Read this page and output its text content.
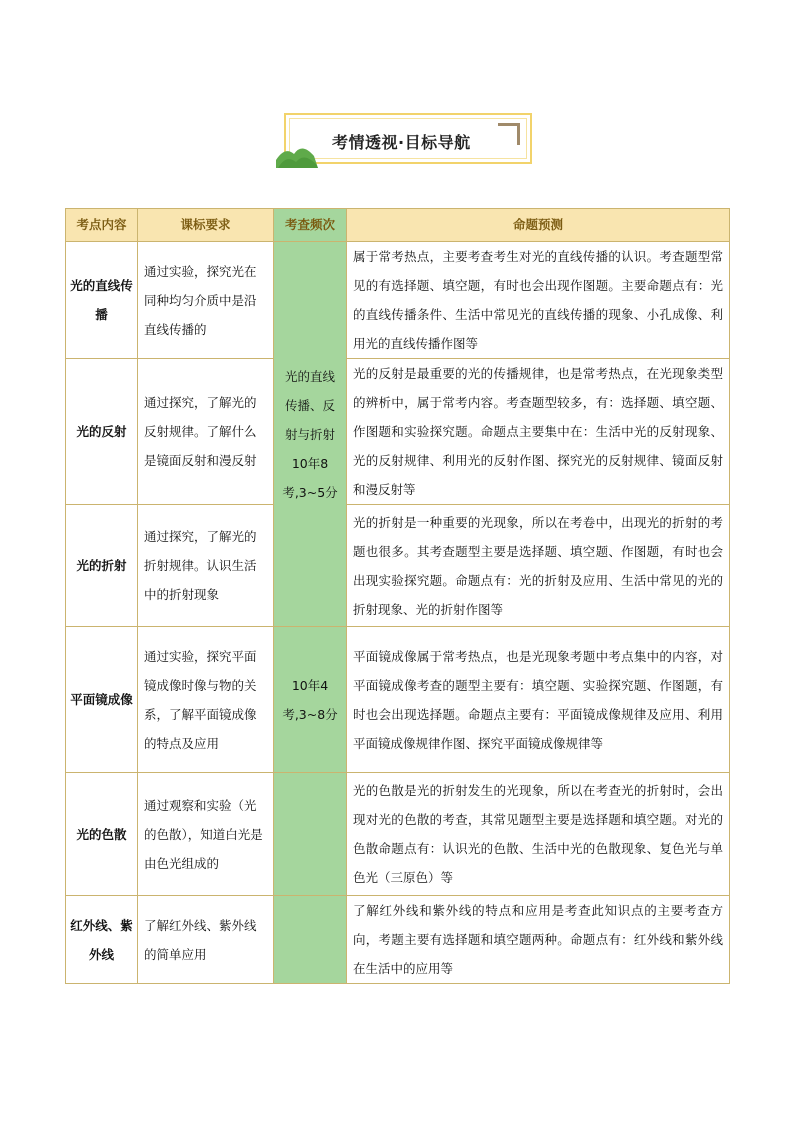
考情透视·目标导航
考点内容	课标要求	考查频次	命题预测
光的直线传播	通过实验，探究光在同种均匀介质中是沿直线传播的	光的直线传播、反射与折射10年8考,3~5分	属于常考热点，主要考查考生对光的直线传播的认识。考查题型常见的有选择题、填空题，有时也会出现作图题。主要命题点有：光的直线传播条件、生活中常见光的直线传播的现象、小孔成像、利用光的直线传播作图等
光的反射	通过探究，了解光的反射规律。了解什么是镜面反射和漫反射		光的反射是最重要的光的传播规律，也是常考热点，在光现象类型的辨析中，属于常考内容。考查题型较多，有：选择题、填空题、作图题和实验探究题。命题点主要集中在：生活中光的反射现象、光的反射规律、利用光的反射作图、探究光的反射规律、镜面反射和漫反射等
光的折射	通过探究，了解光的折射规律。认识生活中的折射现象		光的折射是一种重要的光现象，所以在考卷中，出现光的折射的考题也很多。其考查题型主要是选择题、填空题、作图题，有时也会出现实验探究题。命题点有：光的折射及应用、生活中常见的光的折射现象、光的折射作图等
平面镜成像	通过实验，探究平面镜成像时像与物的关系，了解平面镜成像的特点及应用	10年4考,3~8分	平面镜成像属于常考热点，也是光现象考题中考点集中的内容，对平面镜成像考查的题型主要有：填空题、实验探究题、作图题，有时也会出现选择题。命题点主要有：平面镜成像规律及应用、利用平面镜成像规律作图、探究平面镜成像规律等
光的色散	通过观察和实验（光的色散），知道白光是由色光组成的		光的色散是光的折射发生的光现象，所以在考查光的折射时，会出现对光的色散的考查，其常见题型主要是选择题和填空题。对光的色散命题点有：认识光的色散、生活中光的色散现象、复色光与单色光（三原色）等
红外线、紫外线	了解红外线、紫外线的简单应用		了解红外线和紫外线的特点和应用是考查此知识点的主要考查方向，考题主要有选择题和填空题两种。命题点有：红外线和紫外线在生活中的应用等
